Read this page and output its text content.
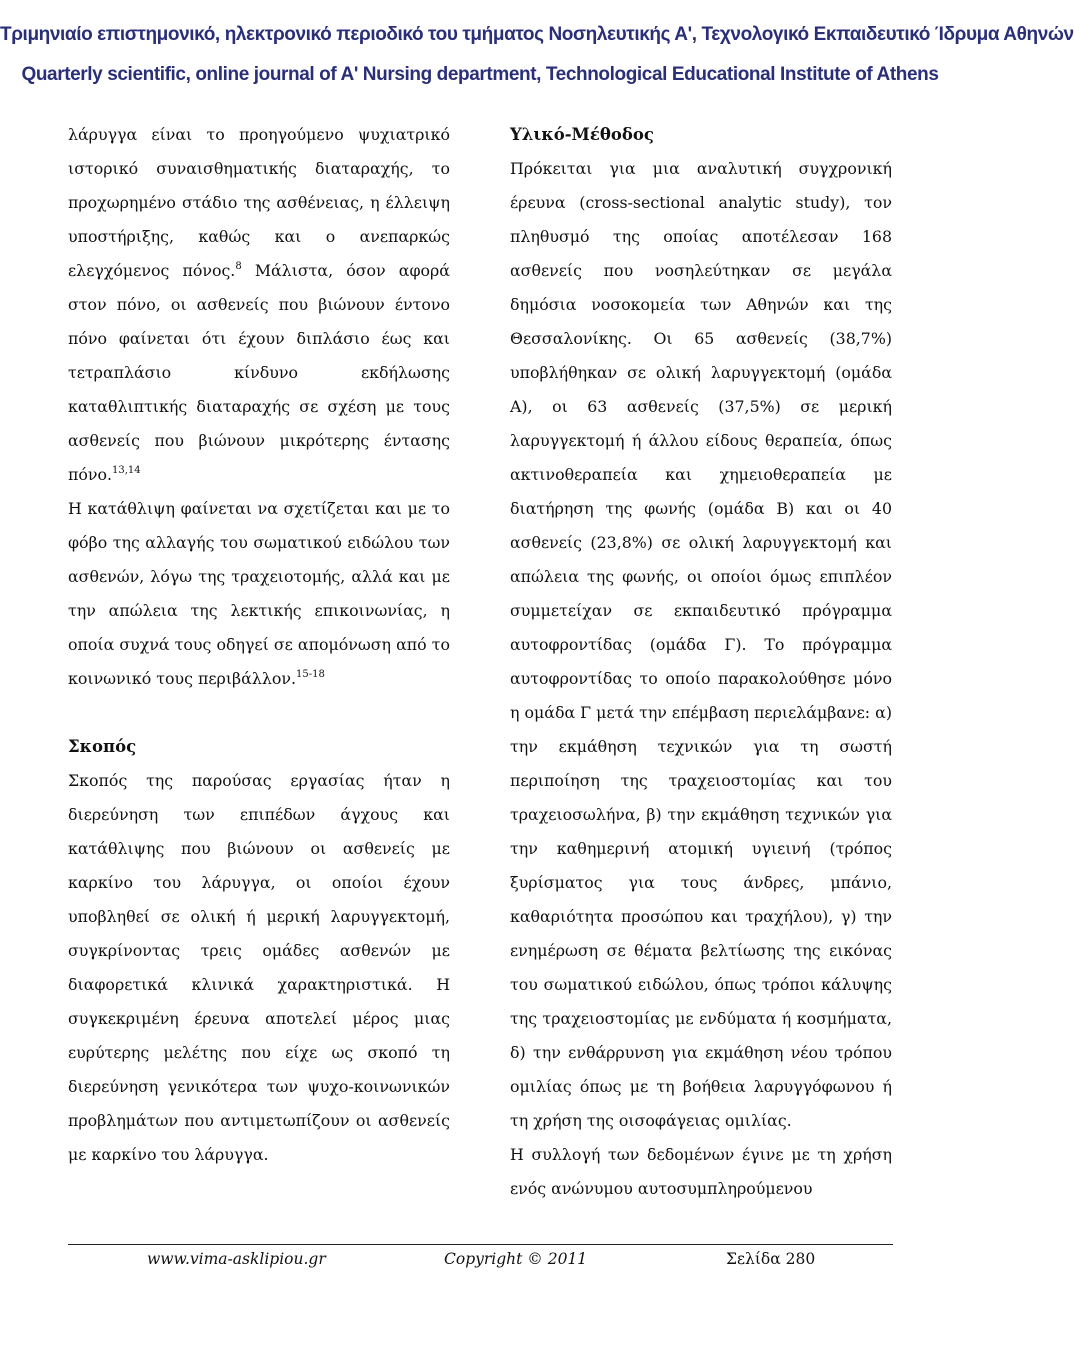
Τριμηνιαίο επιστημονικό, ηλεκτρονικό περιοδικό του τμήματος Νοσηλευτικής Α', Τεχνολογικό Εκπαιδευτικό Ίδρυμα Αθηνών
Quarterly scientific, online journal of A' Nursing department, Technological Educational Institute of Athens

λάρυγγα είναι το προηγούμενο ψυχιατρικό ιστορικό συναισθηματικής διαταραχής, το προχωρημένο στάδιο της ασθένειας, η έλλειψη υποστήριξης, καθώς και ο ανεπαρκώς ελεγχόμενος πόνος.$^8$ Μάλιστα, όσον αφορά στον πόνο, οι ασθενείς που βιώνουν έντονο πόνο φαίνεται ότι έχουν διπλάσιο έως και τετραπλάσιο κίνδυνο εκδήλωσης καταθλιπτικής διαταραχής σε σχέση με τους ασθενείς που βιώνουν μικρότερης έντασης πόνο.$^{13,14}$

Η κατάθλιψη φαίνεται να σχετίζεται και με το φόβο της αλλαγής του σωματικού ειδώλου των ασθενών, λόγω της τραχειοτομής, αλλά και με την απώλεια της λεκτικής επικοινωνίας, η οποία συχνά τους οδηγεί σε απομόνωση από το κοινωνικό τους περιβάλλον.$^{15-18}$

Σκοπός

Σκοπός της παρούσας εργασίας ήταν η διερεύνηση των επιπέδων άγχους και κατάθλιψης που βιώνουν οι ασθενείς με καρκίνο του λάρυγγα, οι οποίοι έχουν υποβληθεί σε ολική ή μερική λαρυγγεκτομή, συγκρίνοντας τρεις ομάδες ασθενών με διαφορετικά κλινικά χαρακτηριστικά. Η συγκεκριμένη έρευνα αποτελεί μέρος μιας ευρύτερης μελέτης που είχε ως σκοπό τη διερεύνηση γενικότερα των ψυχο-κοινωνικών προβλημάτων που αντιμετωπίζουν οι ασθενείς με καρκίνο του λάρυγγα.

Υλικό-Μέθοδος

Πρόκειται για μια αναλυτική συγχρονική έρευνα (cross-sectional analytic study), τον πληθυσμό της οποίας αποτέλεσαν 168 ασθενείς που νοσηλεύτηκαν σε μεγάλα δημόσια νοσοκομεία των Αθηνών και της Θεσσαλονίκης. Οι 65 ασθενείς (38,7%) υποβλήθηκαν σε ολική λαρυγγεκτομή (ομάδα Α), οι 63 ασθενείς (37,5%) σε μερική λαρυγγεκτομή ή άλλου είδους θεραπεία, όπως ακτινοθεραπεία και χημειοθεραπεία με διατήρηση της φωνής (ομάδα Β) και οι 40 ασθενείς (23,8%) σε ολική λαρυγγεκτομή και απώλεια της φωνής, οι οποίοι όμως επιπλέον συμμετείχαν σε εκπαιδευτικό πρόγραμμα αυτοφροντίδας (ομάδα Γ). Το πρόγραμμα αυτοφροντίδας το οποίο παρακολούθησε μόνο η ομάδα Γ μετά την επέμβαση περιελάμβανε: α) την εκμάθηση τεχνικών για τη σωστή περιποίηση της τραχειοστομίας και του τραχειοσωλήνα, β) την εκμάθηση τεχνικών για την καθημερινή ατομική υγιεινή (τρόπος ξυρίσματος για τους άνδρες, μπάνιο, καθαριότητα προσώπου και τραχήλου), γ) την ενημέρωση σε θέματα βελτίωσης της εικόνας του σωματικού ειδώλου, όπως τρόποι κάλυψης της τραχειοστομίας με ενδύματα ή κοσμήματα, δ) την ενθάρρυνση για εκμάθηση νέου τρόπου ομιλίας όπως με τη βοήθεια λαρυγγόφωνου ή τη χρήση της οισοφάγειας ομιλίας.

Η συλλογή των δεδομένων έγινε με τη χρήση ενός ανώνυμου αυτοσυμπληρούμενου

www.vima-asklipiou.gr	Copyright © 2011	Σελίδα 280
